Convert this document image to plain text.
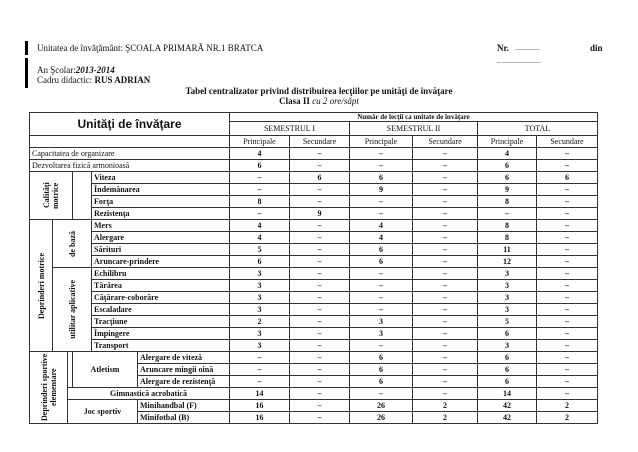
Unitatea de învăţământ: ŞCOALA PRIMARĂ NR.1 BRATCA	Nr.	din
An Şcolar:2013-2014
Cadru didactic: RUS ADRIAN
Tabel centralizator privind distribuirea lecţiilor pe unităţi de învăţare
Clasa II cu 2 ore/săpt
Unităţi de învăţare						Număr de lecţii ca unitate de învăţare					
						SEMESTRUL I		SEMESTRUL II		TOTAL	
						Principale	Secundare	Principale	Secundare	Principale	Secundare
Capacitatea de organizare						4	–	–	–	4	–
Dezvoltarea fizică armonioasă						6	–	–	–	6	–

Calităţi motrice				Viteza		–	6	6	–	6	6
				Îndemânarea		–	–	9	–	9	–
				Forţa		8	–	–	–	8	–
				Rezistenţa		–	9	–	–	–	–

Deprinderi motrice	de bază			Mers		4	–	4	–	8	–
				Alergare		4	–	4	–	8	–
				Sărituri		5	–	6	–	11	–
				Aruncare-prindere		6	–	6	–	12	–

	utilitar aplicative			Echilibru		3	–	–	–	3	–
				Târârea		3	–	–	–	3	–
				Căţărare-coborâre		3	–	–	–	3	–
				Escaladare		3	–	–	–	3	–
				Tracţiune		2	–	3	–	5	–
				Împingere		3	–	3	–	6	–
				Transport		3	–	–	–	3	–

Deprinderi sportive elementare			Atletism		Alergare de viteză	–	–	6	–	6	–
					Aruncare mingii oină	–	–	6	–	6	–
					Alergare de rezistenţă	–	–	6	–	6	–
		Gimnastică acrobatică				14	–	–	–	14	–
		Joc sportiv			Minihandbal (F)	16	–	26	2	42	2
					Minifotbal (B)	16	–	26	2	42	2
